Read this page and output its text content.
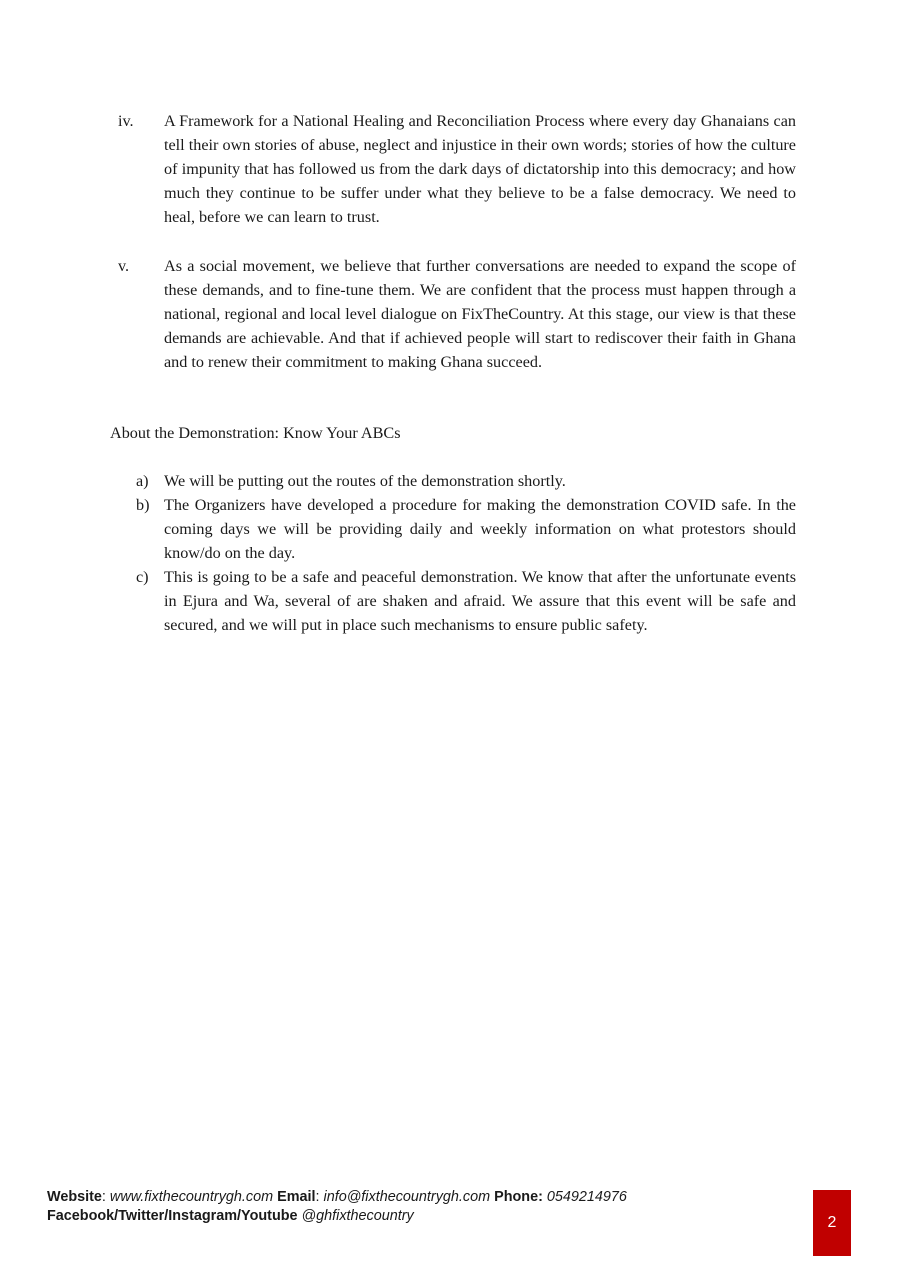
iv. A Framework for a National Healing and Reconciliation Process where every day Ghanaians can tell their own stories of abuse, neglect and injustice in their own words; stories of how the culture of impunity that has followed us from the dark days of dictatorship into this democracy; and how much they continue to be suffer under what they believe to be a false democracy. We need to heal, before we can learn to trust.
v. As a social movement, we believe that further conversations are needed to expand the scope of these demands, and to fine-tune them. We are confident that the process must happen through a national, regional and local level dialogue on FixTheCountry. At this stage, our view is that these demands are achievable. And that if achieved people will start to rediscover their faith in Ghana and to renew their commitment to making Ghana succeed.
About the Demonstration: Know Your ABCs
a) We will be putting out the routes of the demonstration shortly.
b) The Organizers have developed a procedure for making the demonstration COVID safe. In the coming days we will be providing daily and weekly information on what protestors should know/do on the day.
c) This is going to be a safe and peaceful demonstration. We know that after the unfortunate events in Ejura and Wa, several of are shaken and afraid. We assure that this event will be safe and secured, and we will put in place such mechanisms to ensure public safety.
Website: www.fixthecountrygh.com Email: info@fixthecountrygh.com Phone: 0549214976
Facebook/Twitter/Instagram/Youtube @ghfixthecountry	2
